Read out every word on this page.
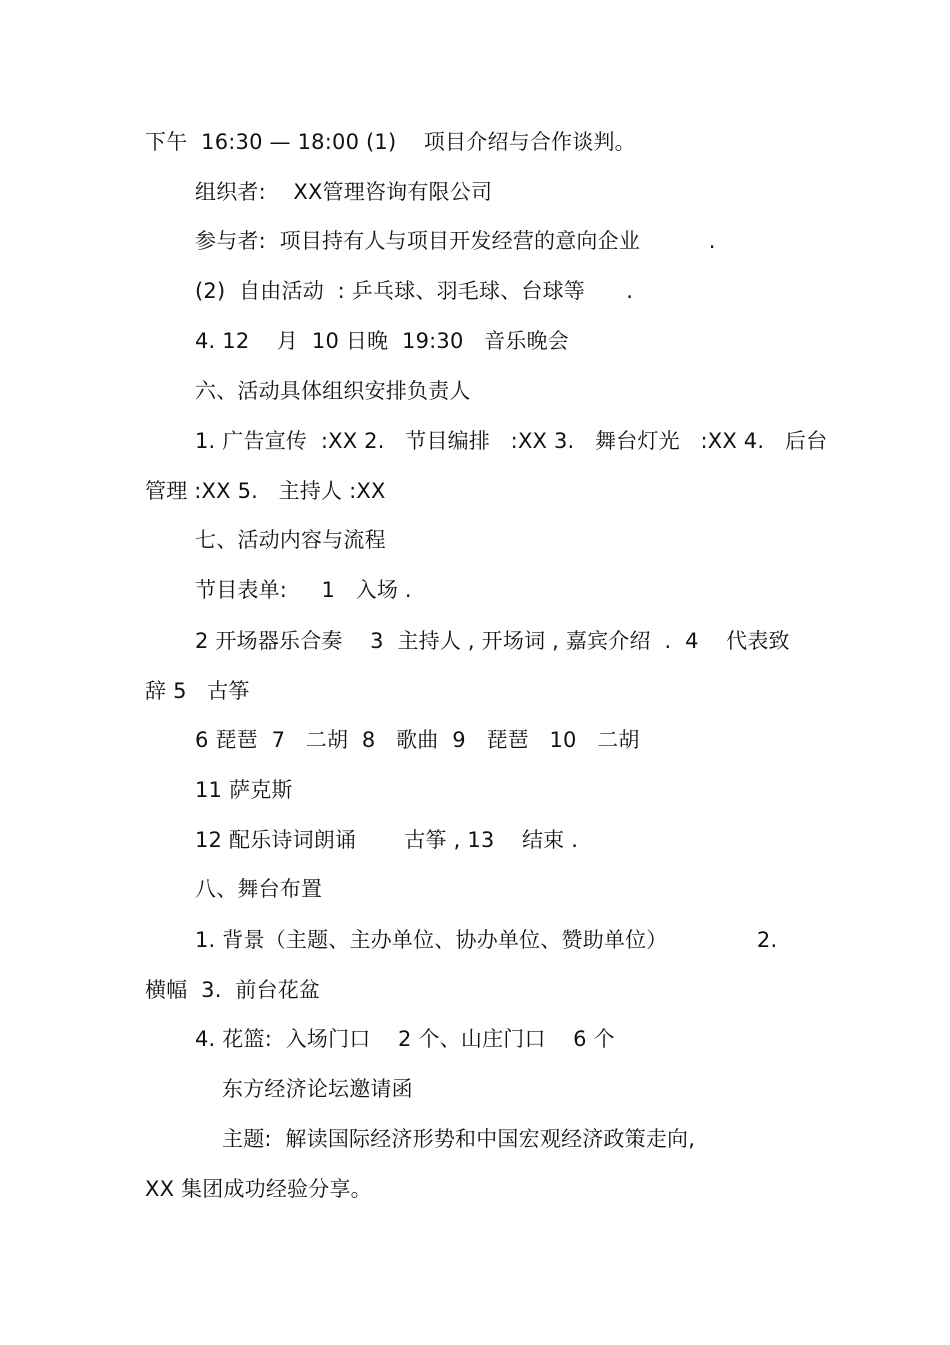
下午  16:30 — 18:00 (1)    项目介绍与合作谈判。
组织者:    XX管理咨询有限公司
参与者:  项目持有人与项目开发经营的意向企业          .
(2)  自由活动  : 乒乓球、羽毛球、台球等      .
4. 12    月  10 日晚  19:30   音乐晚会
六、活动具体组织安排负责人
1. 广告宣传  :XX 2.   节目编排   :XX 3.   舞台灯光   :XX 4.   后台
管理 :XX 5.   主持人 :XX
七、活动内容与流程
节目表单:     1   入场 .
2 开场器乐合奏    3  主持人 , 开场词 , 嘉宾介绍  .  4    代表致
辞 5   古筝
6 琵琶  7   二胡  8   歌曲  9   琵琶   10   二胡
11 萨克斯
12 配乐诗词朗诵       古筝 , 13    结束 .
八、舞台布置
1. 背景（主题、主办单位、协办单位、赞助单位）             2.
横幅  3.  前台花盆
4. 花篮:  入场门口    2 个、山庄门口    6 个
东方经济论坛邀请函
主题:  解读国际经济形势和中国宏观经济政策走向,
XX 集团成功经验分享。
